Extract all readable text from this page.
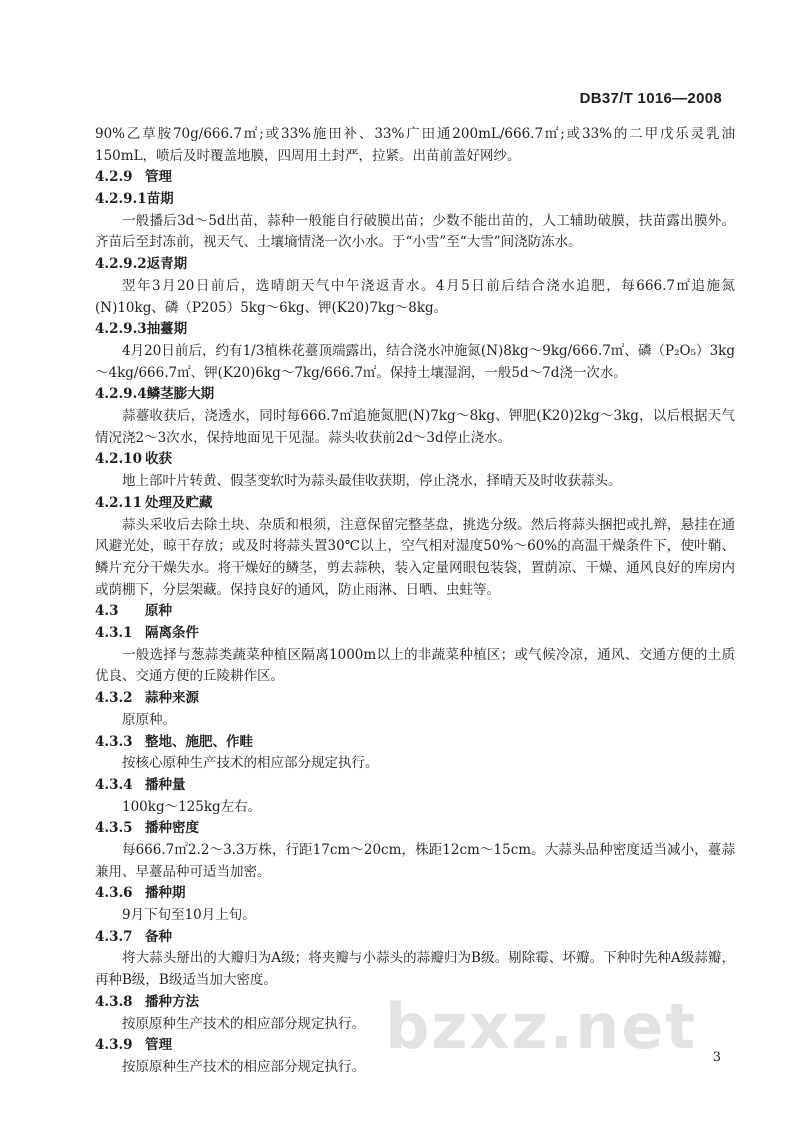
DB37/T 1016—2008
90%乙草胺70g/666.7㎡;或33%施田补、33%广田通200mL/666.7㎡;或33%的二甲戊乐灵乳油150mL，喷后及时覆盖地膜，四周用土封严，拉紧。出苗前盖好网纱。
4.2.9 管理
4.2.9.1苗期
一般播后3d～5d出苗，蒜种一般能自行破膜出苗；少数不能出苗的，人工辅助破膜，扶苗露出膜外。齐苗后至封冻前，视天气、土壤墒情浇一次小水。于“小雪”至“大雪”间浇防冻水。
4.2.9.2返青期
翌年3月20日前后，选晴朗天气中午浇返青水。4月5日前后结合浇水追肥，每666.7㎡追施氮(N)10kg、磷（P205）5kg～6kg、钾(K20)7kg～8kg。
4.2.9.3抽薹期
4月20日前后，约有1/3植株花薹顶端露出，结合浇水冲施氮(N)8kg～9kg/666.7㎡、磷（P₂O₅）3kg～4kg/666.7㎡、钾(K20)6kg～7kg/666.7㎡。保持土壤湿润，一般5d～7d浇一次水。
4.2.9.4鳞茎膨大期
蒜薹收获后，浇透水，同时每666.7㎡追施氮肥(N)7kg～8kg、钾肥(K20)2kg～3kg，以后根据天气情况浇2～3次水，保持地面见干见湿。蒜头收获前2d～3d停止浇水。
4.2.10 收获
地上部叶片转黄、假茎变软时为蒜头最佳收获期，停止浇水，择晴天及时收获蒜头。
4.2.11 处理及贮藏
蒜头采收后去除土块、杂质和根须，注意保留完整茎盘，挑选分级。然后将蒜头捆把或扎辫，悬挂在通风避光处，晾干存放；或及时将蒜头置30℃以上，空气相对湿度50%～60%的高温干燥条件下，使叶鞘、鳞片充分干燥失水。将干燥好的鳞茎，剪去蒜秧，装入定量网眼包装袋，置荫凉、干燥、通风良好的库房内或荫棚下，分层架藏。保持良好的通风，防止雨淋、日晒、虫蛀等。
4.3 原种
4.3.1 隔离条件
一般选择与葱蒜类蔬菜种植区隔离1000m以上的非蔬菜种植区；或气候冷凉，通风、交通方便的土质优良、交通方便的丘陵耕作区。
4.3.2 蒜种来源
原原种。
4.3.3 整地、施肥、作畦
按核心原种生产技术的相应部分规定执行。
4.3.4 播种量
100kg～125kg左右。
4.3.5 播种密度
每666.7㎡2.2～3.3万株，行距17cm～20cm，株距12cm～15cm。大蒜头品种密度适当减小，薹蒜兼用、早薹品种可适当加密。
4.3.6 播种期
9月下旬至10月上旬。
4.3.7 备种
将大蒜头掰出的大瓣归为A级；将夹瓣与小蒜头的蒜瓣归为B级。剔除霉、坏瓣。下种时先种A级蒜瓣，再种B级，B级适当加大密度。
4.3.8 播种方法
按原原种生产技术的相应部分规定执行。
4.3.9 管理
按原原种生产技术的相应部分规定执行。
bzxz.net 3
